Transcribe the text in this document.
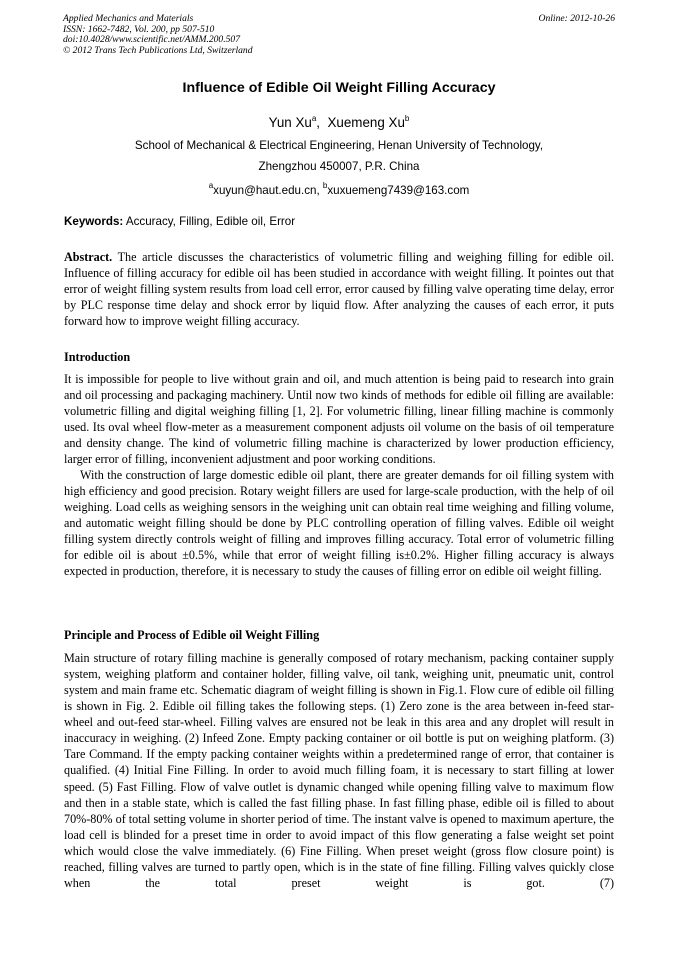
Applied Mechanics and Materials
ISSN: 1662-7482, Vol. 200, pp 507-510
doi:10.4028/www.scientific.net/AMM.200.507
© 2012 Trans Tech Publications Ltd, Switzerland
Online: 2012-10-26
Influence of Edible Oil Weight Filling Accuracy
Yun Xu$^a$,  Xuemeng Xu$^b$
School of Mechanical & Electrical Engineering, Henan University of Technology,
Zhengzhou 450007, P.R. China
$^a$xuyun@haut.edu.cn, $^b$xuxuemeng7439@163.com
Keywords: Accuracy, Filling, Edible oil, Error

Abstract. The article discusses the characteristics of volumetric filling and weighing filling for edible oil. Influence of filling accuracy for edible oil has been studied in accordance with weight filling. It pointes out that error of weight filling system results from load cell error, error caused by filling valve operating time delay, error by PLC response time delay and shock error by liquid flow. After analyzing the causes of each error, it puts forward how to improve weight filling accuracy.

Introduction

It is impossible for people to live without grain and oil, and much attention is being paid to research into grain and oil processing and packaging machinery. Until now two kinds of methods for edible oil filling are available: volumetric filling and digital weighing filling [1, 2]. For volumetric filling, linear filling machine is commonly used. Its oval wheel flow-meter as a measurement component adjusts oil volume on the basis of oil temperature and density change. The kind of volumetric filling machine is characterized by lower production efficiency, larger error of filling, inconvenient adjustment and poor working conditions.

With the construction of large domestic edible oil plant, there are greater demands for oil filling system with high efficiency and good precision. Rotary weight fillers are used for large-scale production, with the help of oil weighing. Load cells as weighing sensors in the weighing unit can obtain real time weighing and filling volume, and automatic weight filling should be done by PLC controlling operation of filling valves. Edible oil weight filling system directly controls weight of filling and improves filling accuracy. Total error of volumetric filling for edible oil is about ±0.5%, while that error of weight filling is±0.2%. Higher filling accuracy is always expected in production, therefore, it is necessary to study the causes of filling error on edible oil weight filling.

Principle and Process of Edible oil Weight Filling

Main structure of rotary filling machine is generally composed of rotary mechanism, packing container supply system, weighing platform and container holder, filling valve, oil tank, weighing unit, pneumatic unit, control system and main frame etc. Schematic diagram of weight filling is shown in Fig.1. Flow cure of edible oil filling is shown in Fig. 2. Edible oil filling takes the following steps. (1) Zero zone is the area between in-feed star-wheel and out-feed star-wheel. Filling valves are ensured not be leak in this area and any droplet will result in inaccuracy in weighing. (2) Infeed Zone. Empty packing container or oil bottle is put on weighing platform. (3) Tare Command. If the empty packing container weights within a predetermined range of error, that container is qualified. (4) Initial Fine Filling. In order to avoid much filling foam, it is necessary to start filling at lower speed. (5) Fast Filling. Flow of valve outlet is dynamic changed while opening filling valve to maximum flow and then in a stable state, which is called the fast filling phase. In fast filling phase, edible oil is filled to about 70%-80% of total setting volume in shorter period of time. The instant valve is opened to maximum aperture, the load cell is blinded for a preset time in order to avoid impact of this flow generating a false weight set point which would close the valve immediately. (6) Fine Filling. When preset weight (gross flow closure point) is reached, filling valves are turned to partly open, which is in the state of fine filling. Filling valves quickly close when the total preset weight is got. (7)
